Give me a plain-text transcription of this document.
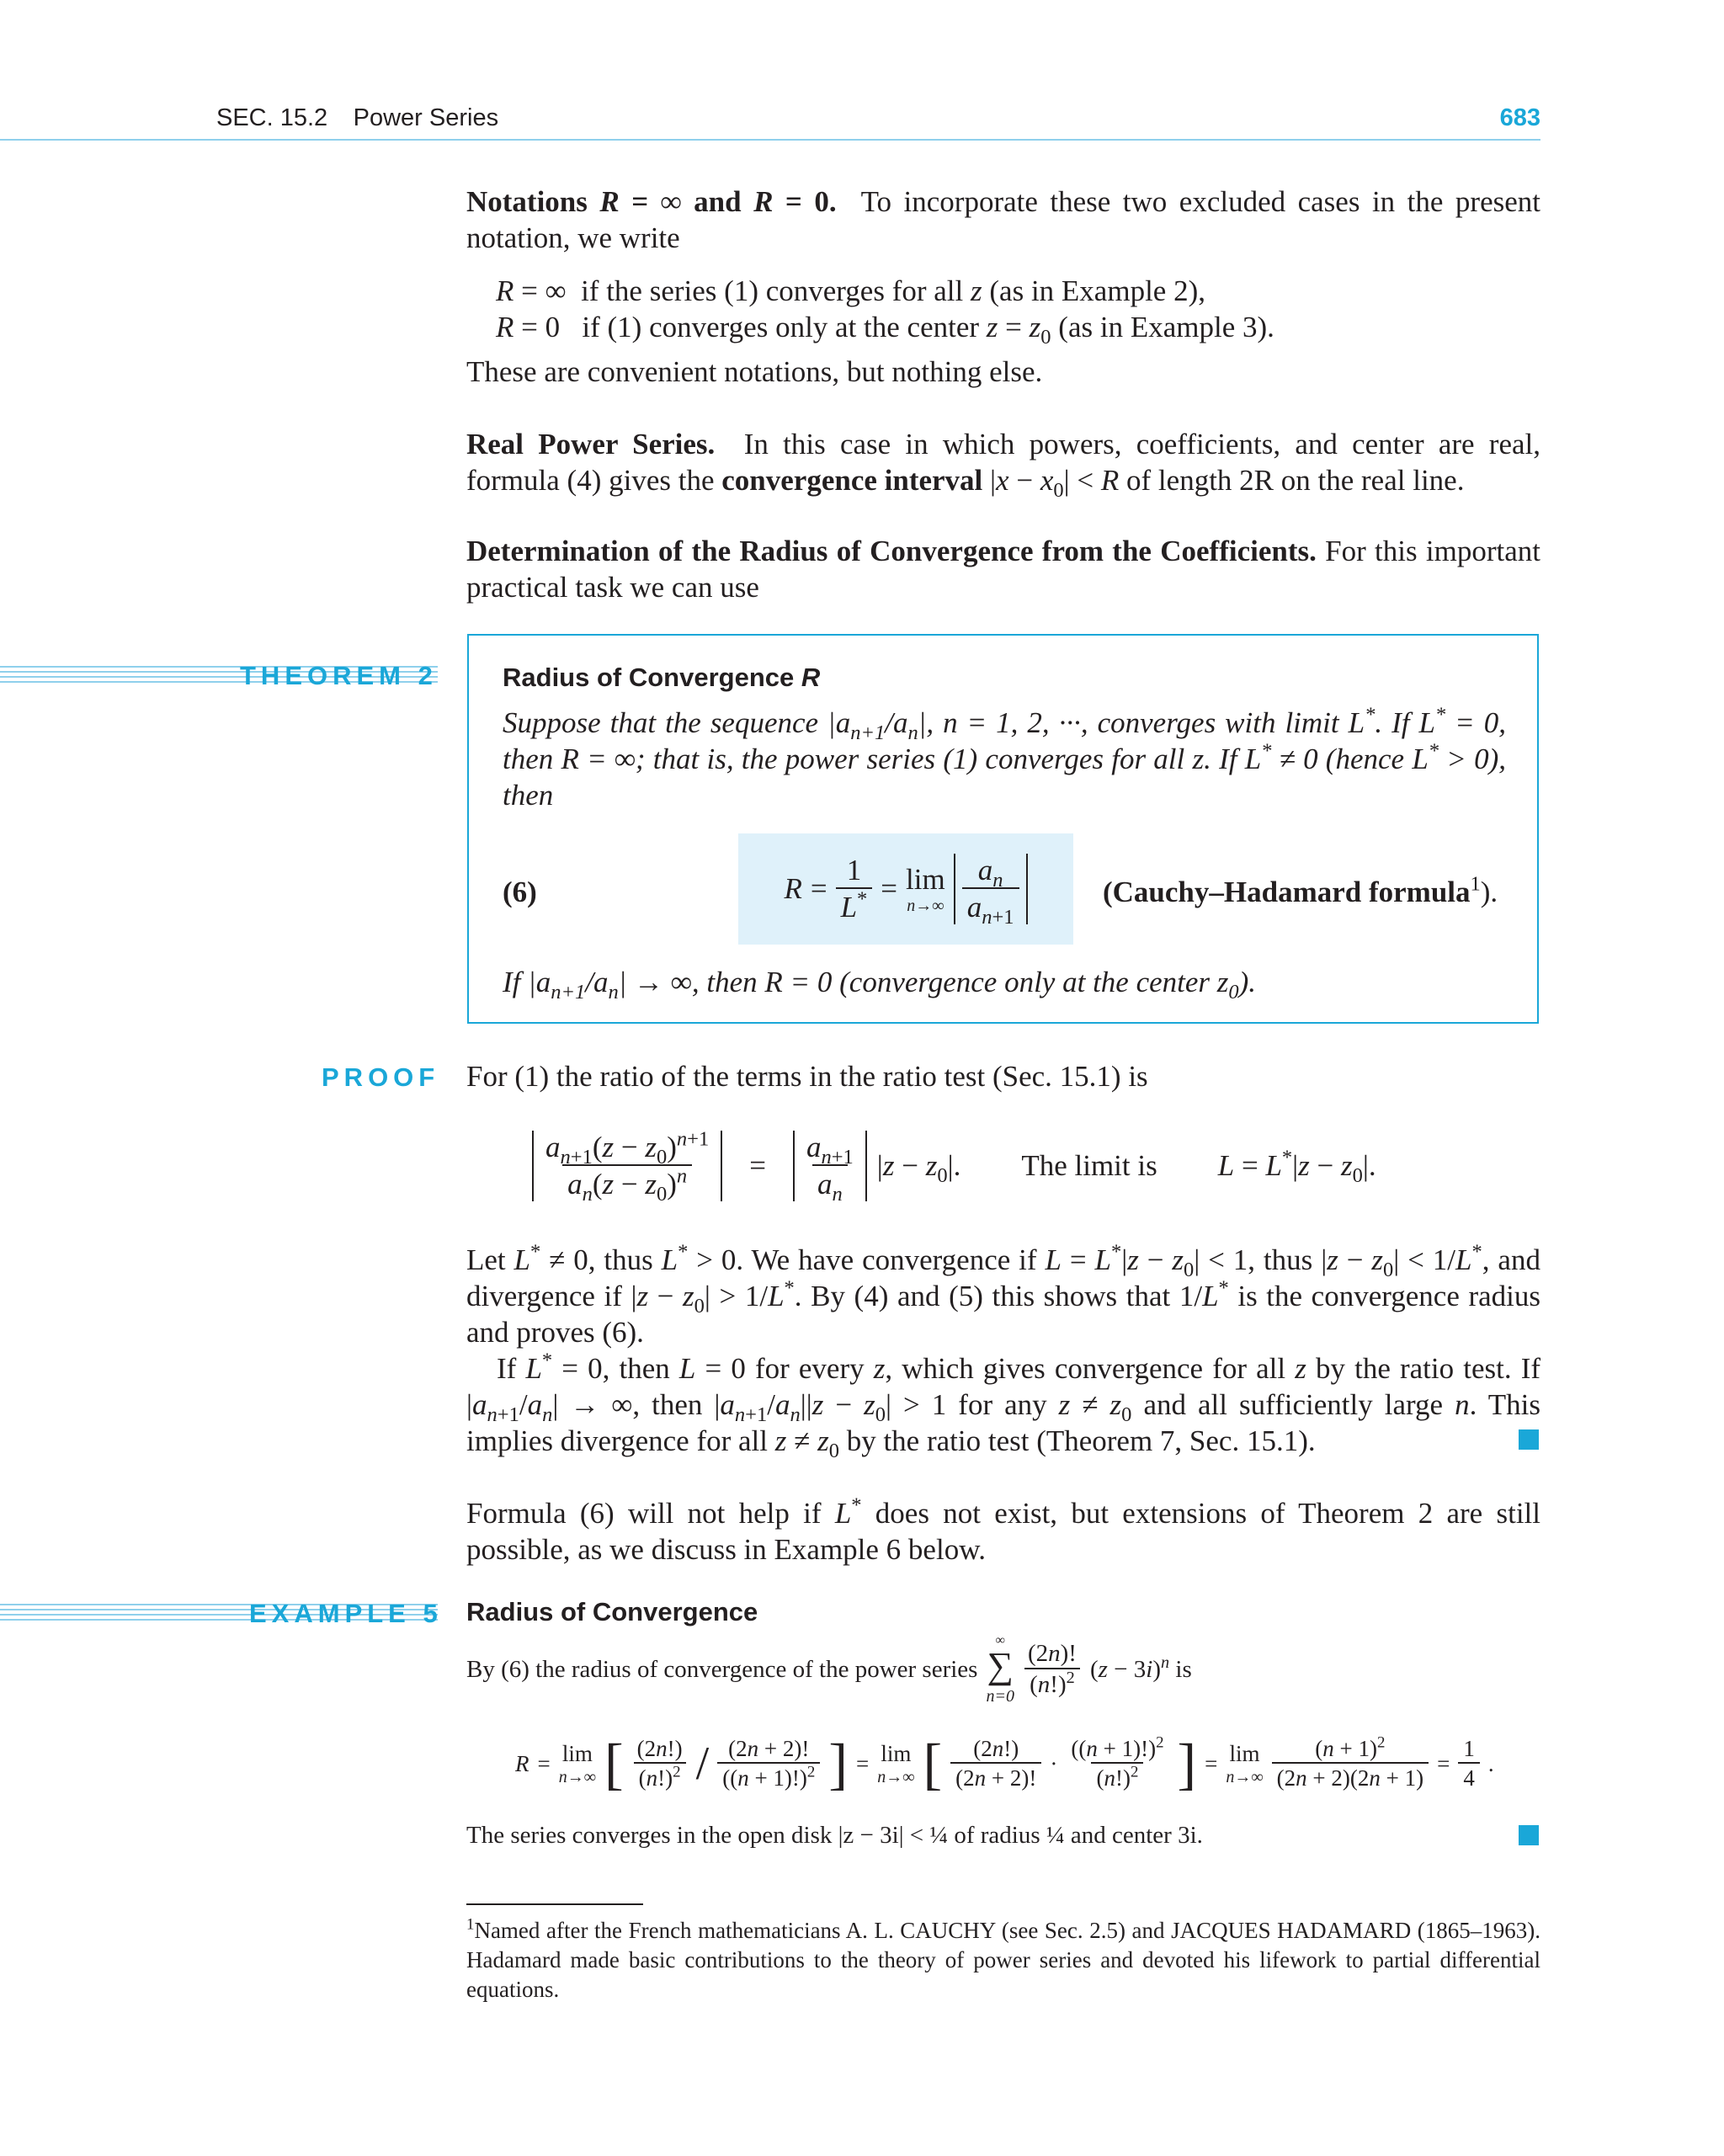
SEC. 15.2 Power Series	683
Notations R = ∞ and R = 0. To incorporate these two excluded cases in the present notation, we write
R = ∞  if the series (1) converges for all z (as in Example 2),
R = 0   if (1) converges only at the center $z = z_0$ (as in Example 3).
These are convenient notations, but nothing else.
Real Power Series. In this case in which powers, coefficients, and center are real, formula (4) gives the convergence interval $|x - x_0| < R$ of length 2R on the real line.
Determination of the Radius of Convergence from the Coefficients. For this important practical task we can use
THEOREM 2 Radius of Convergence R
Suppose that the sequence $|a_{n+1}/a_n|$, n = 1, 2, ···, converges with limit L*. If L* = 0, then R = ∞; that is, the power series (1) converges for all z. If L* ≠ 0 (hence L* > 0), then
(6)	$R = \frac{1}{L^*} = \lim$
$n\to\infty \frac{a_n}{a_{n+1}}$	(Cauchy–Hadamard formula$^1$).
If $|a_{n+1}/a_n|$ → ∞, then R = 0 (convergence only at the center $z_0$).
PROOF For (1) the ratio of the terms in the ratio test (Sec. 15.1) is
$\frac{a_{n+1}(z - z_0)^{n+1}}{a_n(z - z_0)^n} = \frac{a_{n+1}}{a_n} |z - z_0|$. The limit is $L = L^*|z - z_0|$.
Let L* ≠ 0, thus L* > 0. We have convergence if $L = L^*|z - z_0| < 1$, thus $|z - z_0| < 1/L^*$, and divergence if $|z - z_0| > 1/L^*$. By (4) and (5) this shows that 1/L* is the convergence radius and proves (6).
If L* = 0, then L = 0 for every z, which gives convergence for all z by the ratio test. If $|a_{n+1}/a_n|$ → ∞, then $|a_{n+1}/a_n||z - z_0| > 1$ for any $z \ne z_0$ and all sufficiently large n. This implies divergence for all $z \ne z_0$ by the ratio test (Theorem 7, Sec. 15.1).
Formula (6) will not help if L* does not exist, but extensions of Theorem 2 are still possible, as we discuss in Example 6 below.
EXAMPLE 5 Radius of Convergence
By (6) the radius of convergence of the power series
∞
∑
$n=0 \frac{(2n)!}{(n!)^2} (z - 3i)^n$ is
R = lim
n→∞ [ $\frac{(2n!)}{(n!)^2} / \frac{(2n + 2)!}{((n + 1)!)^2}$ ] = lim
n→∞ [ $\frac{(2n!)}{(2n + 2)!} \cdot \frac{((n + 1)!)^2}{(n!)^2}$ ] = lim
$n\to\infty \frac{(n + 1)^2}{(2n + 2)(2n + 1)} = \frac{1}{4}$ .
The series converges in the open disk |z − 3i| < ¼ of radius ¼ and center 3i.
$^1$Named after the French mathematicians A. L. CAUCHY (see Sec. 2.5) and JACQUES HADAMARD (1865–1963). Hadamard made basic contributions to the theory of power series and devoted his lifework to partial differential equations.
